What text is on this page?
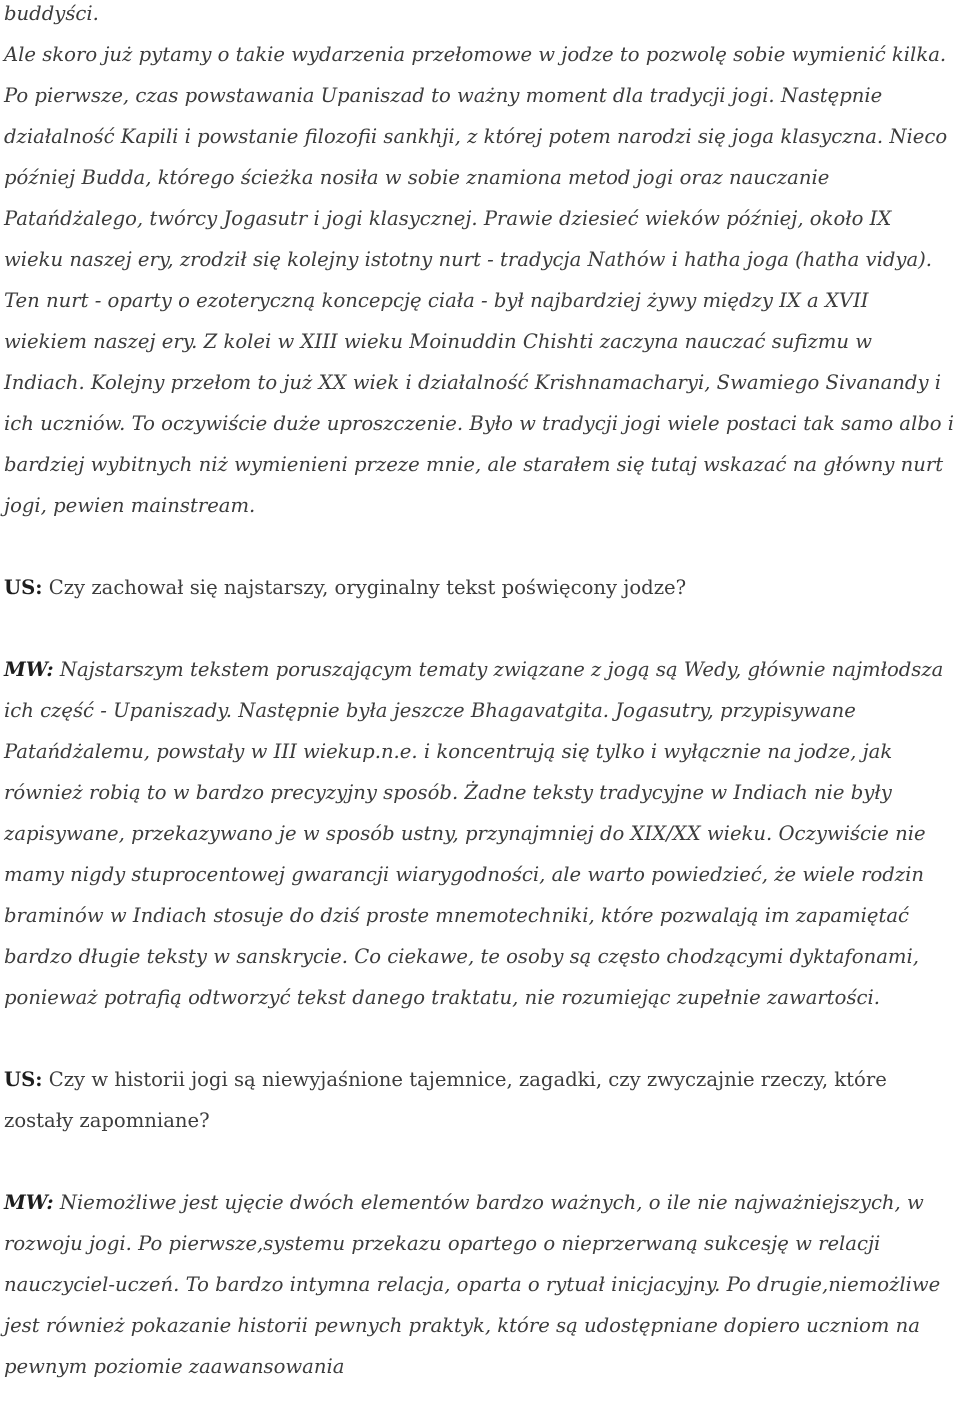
buddyści.
Ale skoro już pytamy o takie wydarzenia przełomowe w jodze to pozwolę sobie wymienić kilka. Po pierwsze, czas powstawania Upaniszad to ważny moment dla tradycji jogi. Następnie działalność Kapili i powstanie filozofii sankhji, z której potem narodzi się joga klasyczna. Nieco później Budda, którego ścieżka nosiła w sobie znamiona metod jogi oraz nauczanie Patańdżalego, twórcy Jogasutr i jogi klasycznej. Prawie dziesieć wieków później, około IX wieku naszej ery, zrodził się kolejny istotny nurt - tradycja Nathów i hatha joga (hatha vidya). Ten nurt - oparty o ezoteryczną koncepcję ciała - był najbardziej żywy między IX a XVII wiekiem naszej ery. Z kolei w XIII wieku Moinuddin Chishti zaczyna nauczać sufizmu w Indiach. Kolejny przełom to już XX wiek i działalność Krishnamacharyi, Swamiego Sivanandy i ich uczniów. To oczywiście duże uproszczenie. Było w tradycji jogi wiele postaci tak samo albo i bardziej wybitnych niż wymienieni przeze mnie, ale starałem się tutaj wskazać na główny nurt jogi, pewien mainstream.

US: Czy zachował się najstarszy, oryginalny tekst poświęcony jodze?

MW: Najstarszym tekstem poruszającym tematy związane z jogą są Wedy, głównie najmłodsza ich część - Upaniszady. Następnie była jeszcze Bhagavatgita. Jogasutry, przypisywane Patańdżalemu, powstały w III wiekup.n.e. i koncentrują się tylko i wyłącznie na jodze, jak również robią to w bardzo precyzyjny sposób. Żadne teksty tradycyjne w Indiach nie były zapisywane, przekazywano je w sposób ustny, przynajmniej do XIX/XX wieku. Oczywiście nie mamy nigdy stuprocentowej gwarancji wiarygodności, ale warto powiedzieć, że wiele rodzin braminów w Indiach stosuje do dziś proste mnemotechniki, które pozwalają im zapamiętać bardzo długie teksty w sanskrycie. Co ciekawe, te osoby są często chodzącymi dyktafonami, ponieważ potrafią odtworzyć tekst danego traktatu, nie rozumiejąc zupełnie zawartości.

US: Czy w historii jogi są niewyjaśnione tajemnice, zagadki, czy zwyczajnie rzeczy, które zostały zapomniane?

MW: Niemożliwe jest ujęcie dwóch elementów bardzo ważnych, o ile nie najważniejszych, w rozwoju jogi. Po pierwsze,systemu przekazu opartego o nieprzerwaną sukcesję w relacji nauczyciel-uczeń. To bardzo intymna relacja, oparta o rytuał inicjacyjny. Po drugie,niemożliwe jest również pokazanie historii pewnych praktyk, które są udostępniane dopiero uczniom na pewnym poziomie zaawansowania
